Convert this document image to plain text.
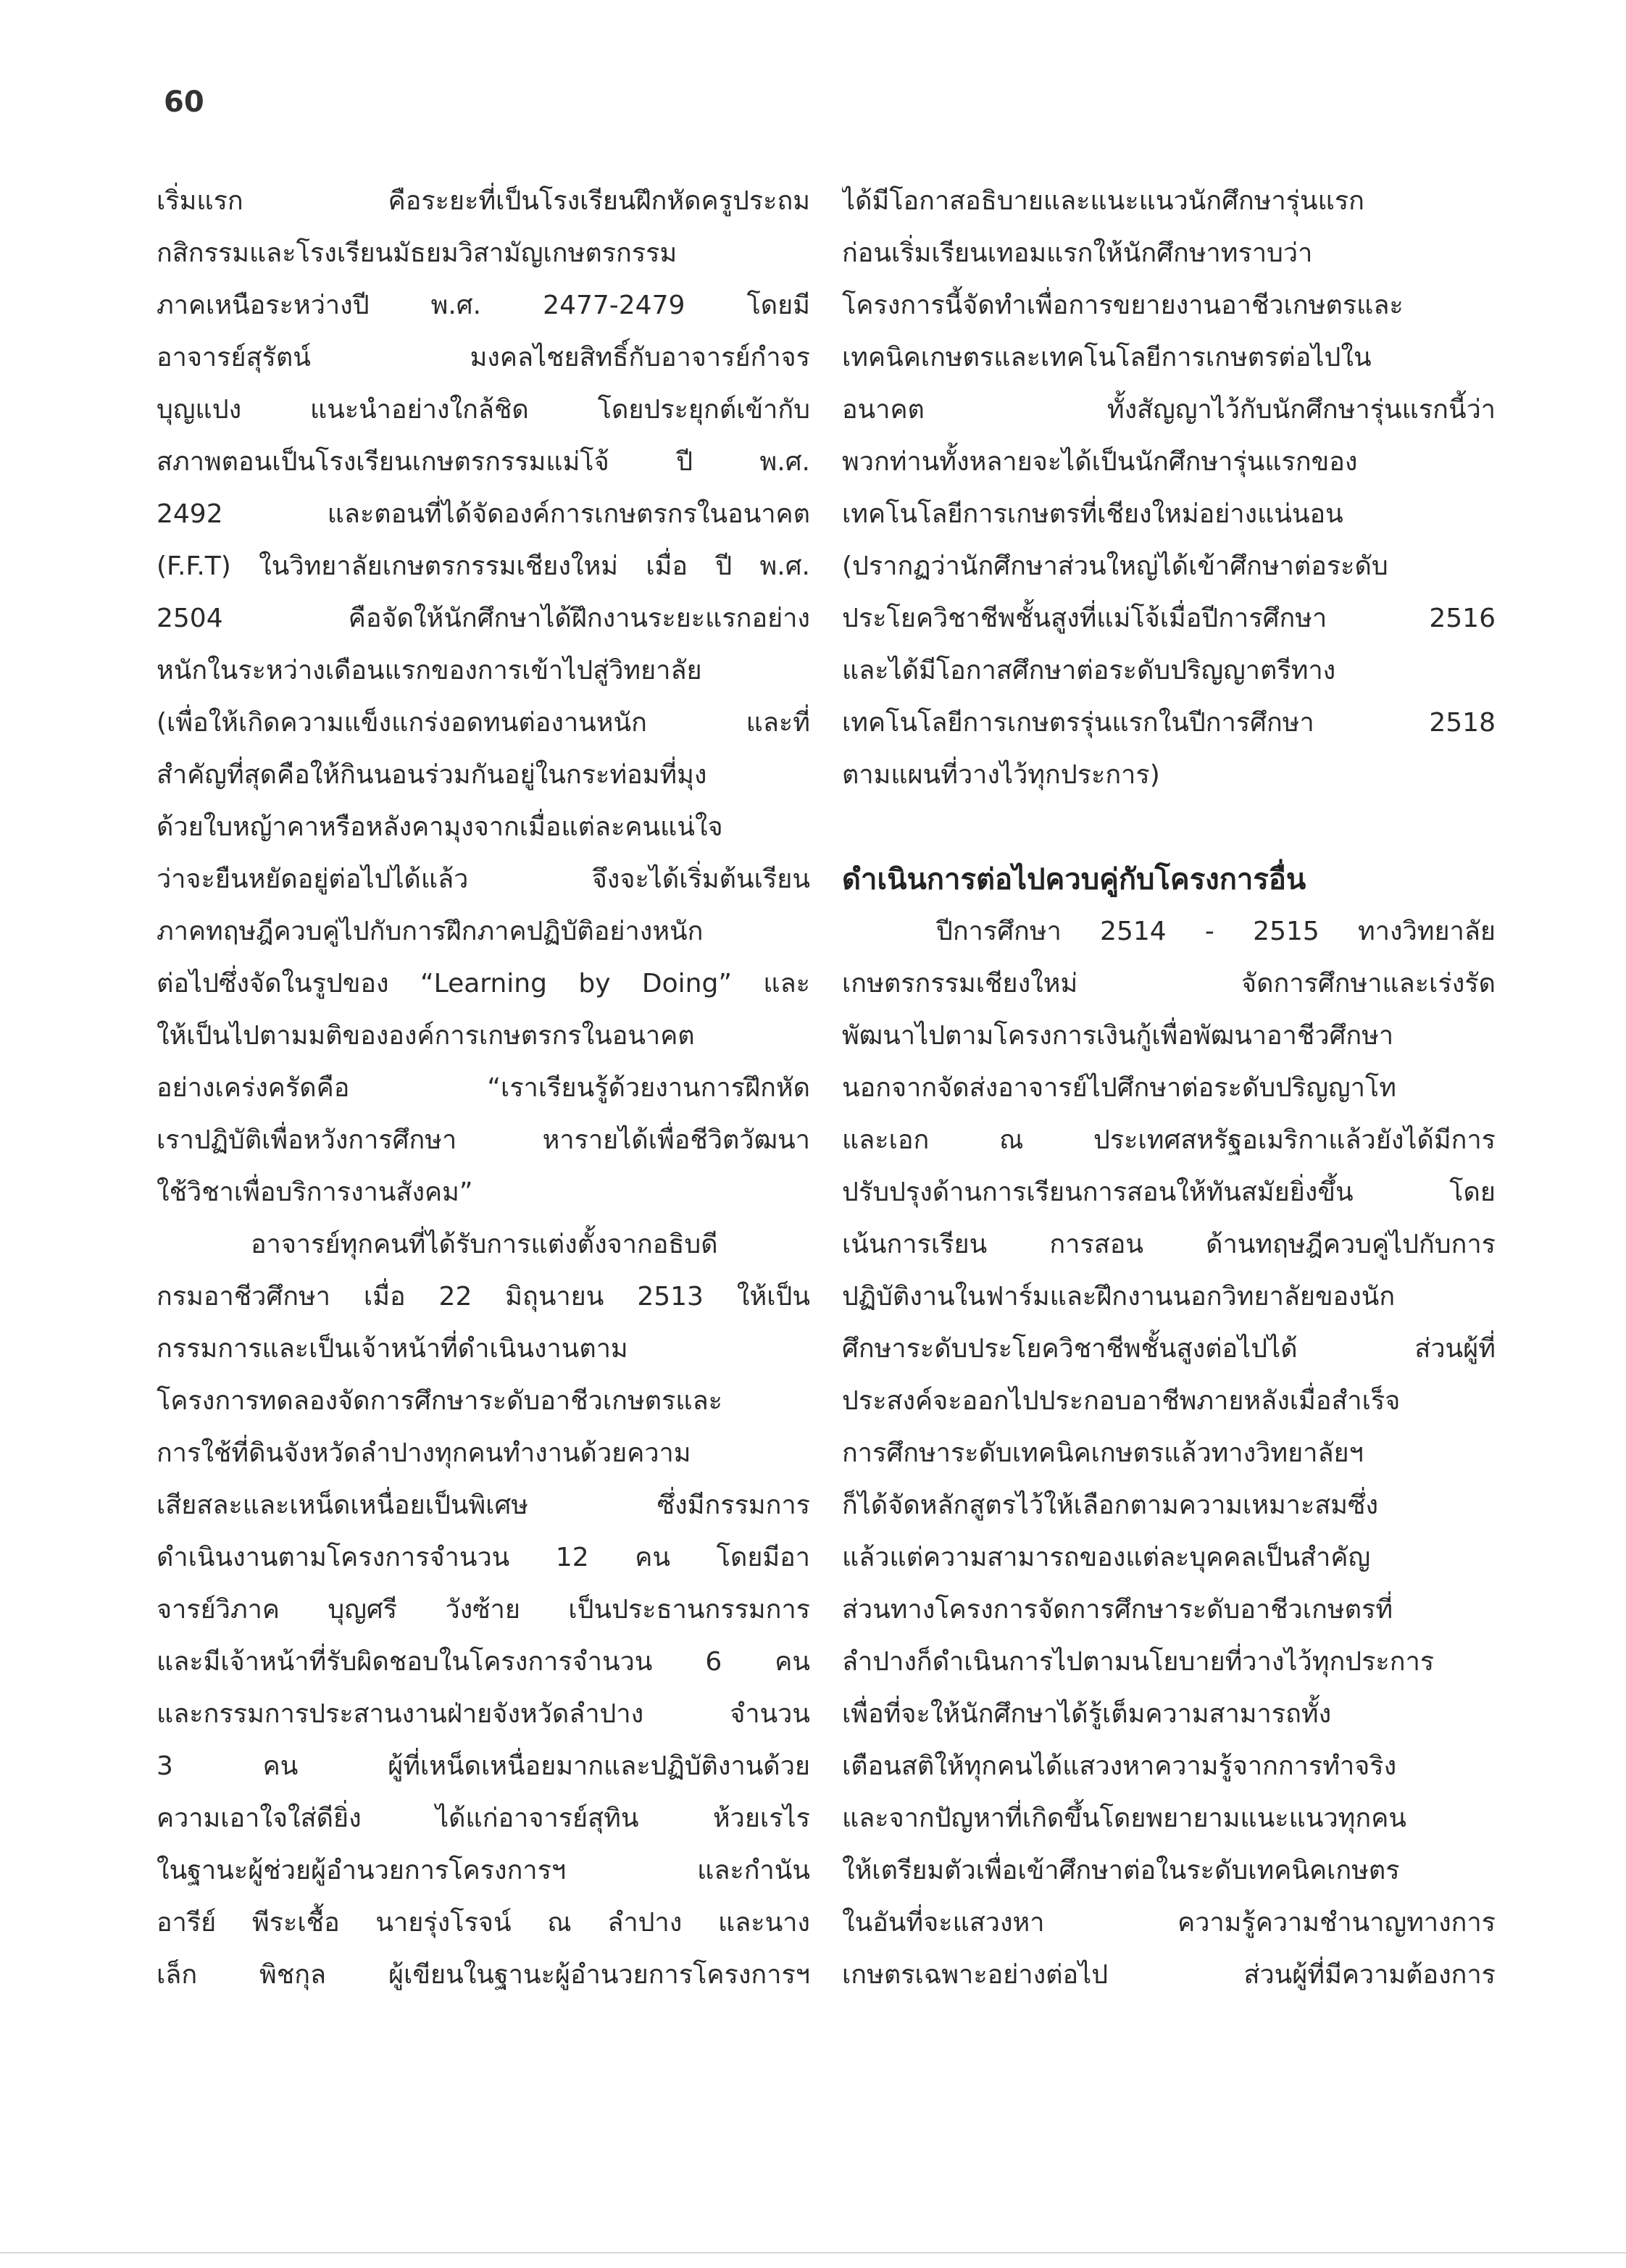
60
เริ่มแรก คือระยะที่เป็นโรงเรียนฝึกหัดครูประถม
กสิกรรมและโรงเรียนมัธยมวิสามัญเกษตรกรรม
ภาคเหนือระหว่างปี พ.ศ. 2477-2479 โดยมี
อาจารย์สุรัตน์ มงคลไชยสิทธิ์กับอาจารย์กำจร
บุญแปง แนะนำอย่างใกล้ชิด โดยประยุกต์เข้ากับ
สภาพตอนเป็นโรงเรียนเกษตรกรรมแม่โจ้ ปี พ.ศ.
2492 และตอนที่ได้จัดองค์การเกษตรกรในอนาคต
(F.F.T) ในวิทยาลัยเกษตรกรรมเชียงใหม่ เมื่อ ปี พ.ศ.
2504 คือจัดให้นักศึกษาได้ฝึกงานระยะแรกอย่าง
หนักในระหว่างเดือนแรกของการเข้าไปสู่วิทยาลัย
(เพื่อให้เกิดความแข็งแกร่งอดทนต่องานหนัก และที่
สำคัญที่สุดคือให้กินนอนร่วมกันอยู่ในกระท่อมที่มุง
ด้วยใบหญ้าคาหรือหลังคามุงจากเมื่อแต่ละคนแน่ใจ
ว่าจะยืนหยัดอยู่ต่อไปได้แล้ว จึงจะได้เริ่มต้นเรียน
ภาคทฤษฎีควบคู่ไปกับการฝึกภาคปฏิบัติอย่างหนัก
ต่อไปซึ่งจัดในรูปของ “Learning by Doing” และ
ให้เป็นไปตามมติขององค์การเกษตรกรในอนาคต
อย่างเคร่งครัดคือ “เราเรียนรู้ด้วยงานการฝึกหัด
เราปฏิบัติเพื่อหวังการศึกษา หารายได้เพื่อชีวิตวัฒนา
ใช้วิชาเพื่อบริการงานสังคม”
อาจารย์ทุกคนที่ได้รับการแต่งตั้งจากอธิบดี
กรมอาชีวศึกษา เมื่อ 22 มิถุนายน 2513 ให้เป็น
กรรมการและเป็นเจ้าหน้าที่ดำเนินงานตาม
โครงการทดลองจัดการศึกษาระดับอาชีวเกษตรและ
การใช้ที่ดินจังหวัดลำปางทุกคนทำงานด้วยความ
เสียสละและเหน็ดเหนื่อยเป็นพิเศษ ซึ่งมีกรรมการ
ดำเนินงานตามโครงการจำนวน 12 คน โดยมีอา
จารย์วิภาค บุญศรี วังซ้าย เป็นประธานกรรมการ
และมีเจ้าหน้าที่รับผิดชอบในโครงการจำนวน 6 คน
และกรรมการประสานงานฝ่ายจังหวัดลำปาง จำนวน
3 คน ผู้ที่เหน็ดเหนื่อยมากและปฏิบัติงานด้วย
ความเอาใจใส่ดียิ่ง ได้แก่อาจารย์สุทิน ห้วยเรไร
ในฐานะผู้ช่วยผู้อำนวยการโครงการฯ และกำนัน
อารีย์ พีระเชื้อ นายรุ่งโรจน์ ณ ลำปาง และนาง
เล็ก พิชกุล ผู้เขียนในฐานะผู้อำนวยการโครงการฯ
ได้มีโอกาสอธิบายและแนะแนวนักศึกษารุ่นแรก
ก่อนเริ่มเรียนเทอมแรกให้นักศึกษาทราบว่า
โครงการนี้จัดทำเพื่อการขยายงานอาชีวเกษตรและ
เทคนิคเกษตรและเทคโนโลยีการเกษตรต่อไปใน
อนาคต ทั้งสัญญาไว้กับนักศึกษารุ่นแรกนี้ว่า
พวกท่านทั้งหลายจะได้เป็นนักศึกษารุ่นแรกของ
เทคโนโลยีการเกษตรที่เชียงใหม่อย่างแน่นอน
(ปรากฏว่านักศึกษาส่วนใหญ่ได้เข้าศึกษาต่อระดับ
ประโยควิชาชีพชั้นสูงที่แม่โจ้เมื่อปีการศึกษา 2516
และได้มีโอกาสศึกษาต่อระดับปริญญาตรีทาง
เทคโนโลยีการเกษตรรุ่นแรกในปีการศึกษา 2518
ตามแผนที่วางไว้ทุกประการ)
ดำเนินการต่อไปควบคู่กับโครงการอื่น
ปีการศึกษา 2514 - 2515 ทางวิทยาลัย
เกษตรกรรมเชียงใหม่ จัดการศึกษาและเร่งรัด
พัฒนาไปตามโครงการเงินกู้เพื่อพัฒนาอาชีวศึกษา
นอกจากจัดส่งอาจารย์ไปศึกษาต่อระดับปริญญาโท
และเอก ณ ประเทศสหรัฐอเมริกาแล้วยังได้มีการ
ปรับปรุงด้านการเรียนการสอนให้ทันสมัยยิ่งขึ้น โดย
เน้นการเรียน การสอน ด้านทฤษฎีควบคู่ไปกับการ
ปฏิบัติงานในฟาร์มและฝึกงานนอกวิทยาลัยของนัก
ศึกษาระดับประโยควิชาชีพชั้นสูงต่อไปได้ ส่วนผู้ที่
ประสงค์จะออกไปประกอบอาชีพภายหลังเมื่อสำเร็จ
การศึกษาระดับเทคนิคเกษตรแล้วทางวิทยาลัยฯ
ก็ได้จัดหลักสูตรไว้ให้เลือกตามความเหมาะสมซึ่ง
แล้วแต่ความสามารถของแต่ละบุคคลเป็นสำคัญ
ส่วนทางโครงการจัดการศึกษาระดับอาชีวเกษตรที่
ลำปางก็ดำเนินการไปตามนโยบายที่วางไว้ทุกประการ
เพื่อที่จะให้นักศึกษาได้รู้เต็มความสามารถทั้ง
เตือนสติให้ทุกคนได้แสวงหาความรู้จากการทำจริง
และจากปัญหาที่เกิดขึ้นโดยพยายามแนะแนวทุกคน
ให้เตรียมตัวเพื่อเข้าศึกษาต่อในระดับเทคนิคเกษตร
ในอันที่จะแสวงหา ความรู้ความชำนาญทางการ
เกษตรเฉพาะอย่างต่อไป ส่วนผู้ที่มีความต้องการ
